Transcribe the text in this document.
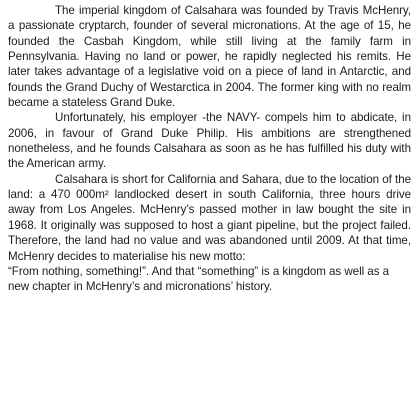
The imperial kingdom of Calsahara was founded by Travis McHenry, a passionate cryptarch, founder of several micronations. At the age of 15, he founded the Casbah Kingdom, while still living at the family farm in Pennsylvania. Having no land or power, he rapidly neglected his remits. He later takes advantage of a legislative void on a piece of land in Antarctic, and founds the Grand Duchy of Westarctica in 2004. The former king with no realm became a stateless Grand Duke.

Unfortunately, his employer -the NAVY- compels him to abdicate, in 2006, in favour of Grand Duke Philip. His ambitions are strengthened nonetheless, and he founds Calsahara as soon as he has fulfilled his duty with the American army.

Calsahara is short for California and Sahara, due to the location of the land: a 470 000m² landlocked desert in south California, three hours drive away from Los Angeles. McHenry’s passed mother in law bought the site in 1968. It originally was supposed to host a giant pipeline, but the project failed. Therefore, the land had no value and was abandoned until 2009. At that time, McHenry decides to materialise his new motto:

“From nothing, something!”. And that “something” is a kingdom as well as a new chapter in McHenry’s and micronations’ history.
